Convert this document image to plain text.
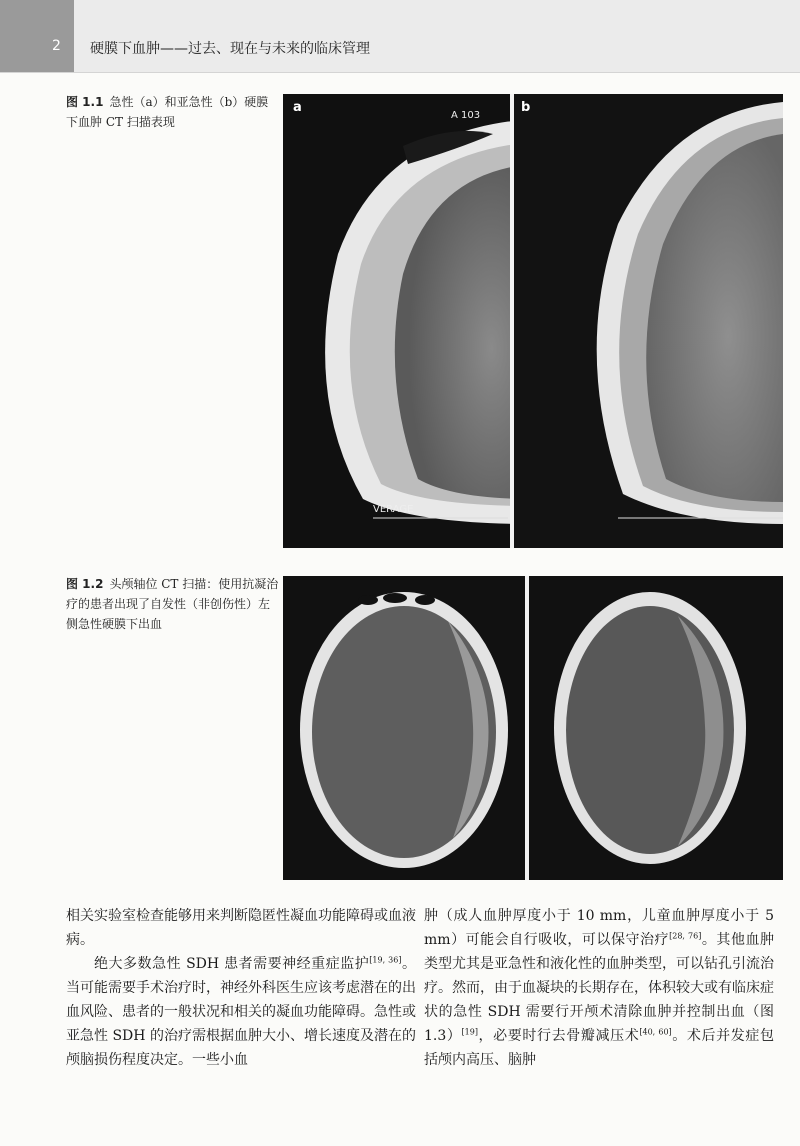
2 硬膜下血肿——过去、现在与未来的临床管理
图 1.1 急性（a）和亚急性（b）硬膜下血肿 CT 扫描表现	A 103
VERAGE
a	b
图 1.2 头颅轴位 CT 扫描：使用抗凝治疗的患者出现了自发性（非创伤性）左侧急性硬膜下出血

相关实验室检查能够用来判断隐匿性凝血功能障碍或血液病。

绝大多数急性 SDH 患者需要神经重症监护[19, 36]。当可能需要手术治疗时，神经外科医生应该考虑潜在的出血风险、患者的一般状况和相关的凝血功能障碍。急性或亚急性 SDH 的治疗需根据血肿大小、增长速度及潜在的颅脑损伤程度决定。一些小血

肿（成人血肿厚度小于 10 mm，儿童血肿厚度小于 5 mm）可能会自行吸收，可以保守治疗[28, 76]。其他血肿类型尤其是亚急性和液化性的血肿类型，可以钻孔引流治疗。然而，由于血凝块的长期存在，体积较大或有临床症状的急性 SDH 需要行开颅术清除血肿并控制出血（图 1.3）[19]，必要时行去骨瓣减压术[40, 60]。术后并发症包括颅内高压、脑肿
